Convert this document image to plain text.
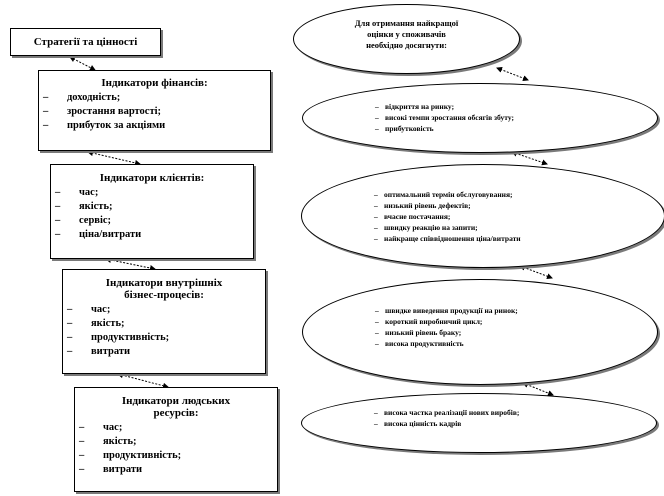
Стратегії та цінності
Індикатори фінансів:
– доходність;
– зростання вартості;
– прибуток за акціями
Індикатори клієнтів:
– час;
– якість;
– сервіс;
– ціна/витрати
Індикатори внутрішніх
бізнес-процесів:
– час;
– якість;
– продуктивність;
– витрати
Індикатори людських
ресурсів:
– час;
– якість;
– продуктивність;
– витрати
Для отримання найкращої
оцінки у споживачів
необхідно досягнути:
– відкриття на ринку;
– високі темпи зростання обсягів збуту;
– прибутковість
– оптимальний термін обслуговування;
– низький рівень дефектів;
– вчасне постачання;
– швидку реакцію на запити;
– найкраще співвідношення ціна/витрати
– швидке виведення продукції на ринок;
– короткий виробничий цикл;
– низький рівень браку;
– висока продуктивність
– висока частка реалізації нових виробів;
– висока цінність кадрів
